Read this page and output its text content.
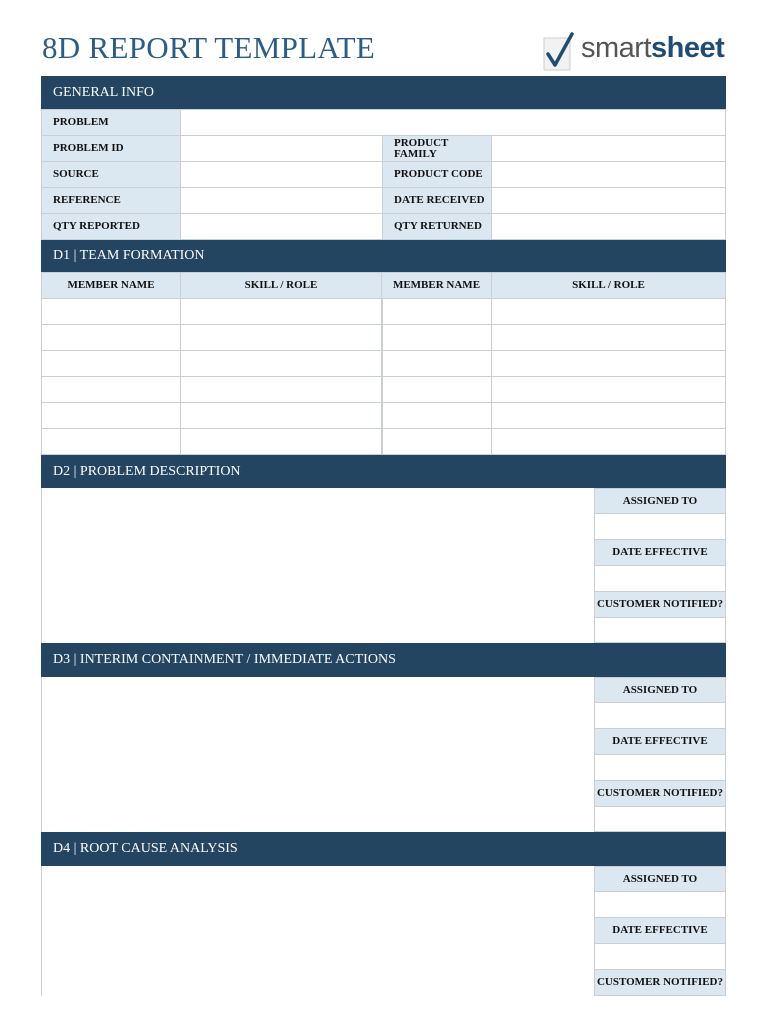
8D REPORT TEMPLATE	smartsheet
GENERAL INFO
PROBLEM
PROBLEM ID	PRODUCT FAMILY
SOURCE	PRODUCT CODE
REFERENCE	DATE RECEIVED
QTY REPORTED	QTY RETURNED
D1 | TEAM FORMATION
MEMBER NAME	SKILL / ROLE	MEMBER NAME	SKILL / ROLE
D2 | PROBLEM DESCRIPTION
ASSIGNED TO
DATE EFFECTIVE
CUSTOMER NOTIFIED?
D3 | INTERIM CONTAINMENT / IMMEDIATE ACTIONS
ASSIGNED TO
DATE EFFECTIVE
CUSTOMER NOTIFIED?
D4 | ROOT CAUSE ANALYSIS
ASSIGNED TO
DATE EFFECTIVE
CUSTOMER NOTIFIED?
